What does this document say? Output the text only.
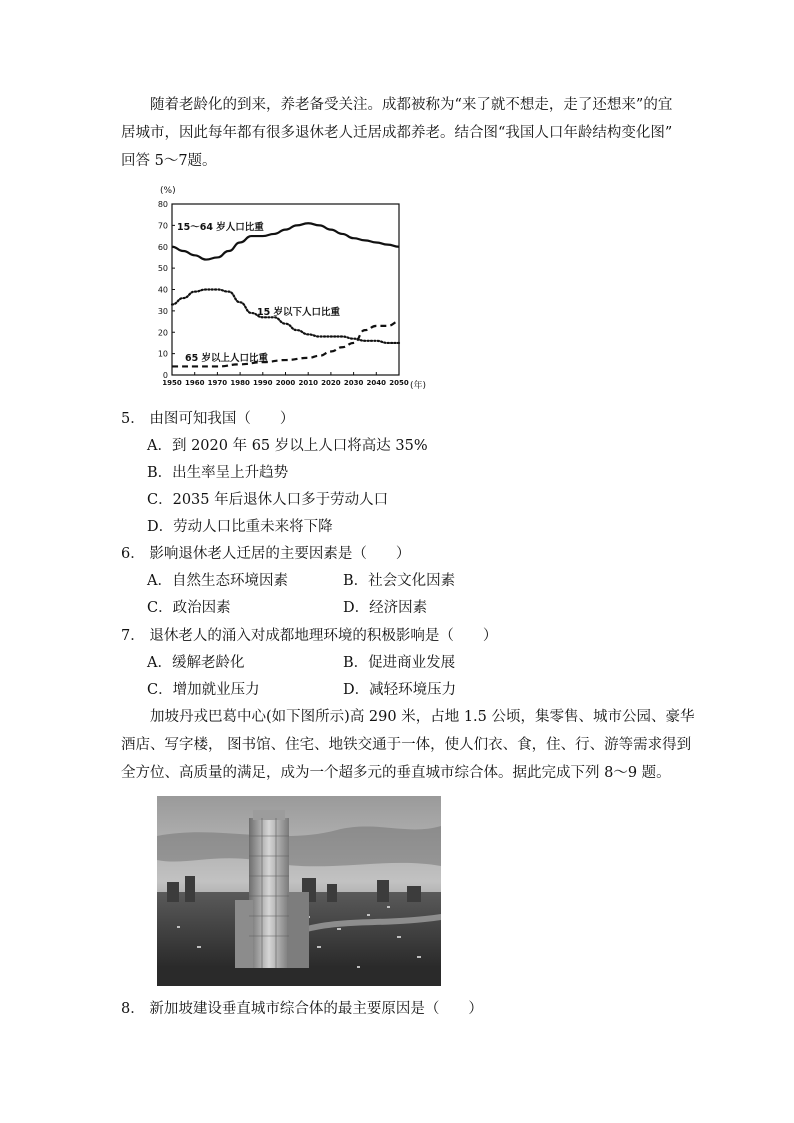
随着老龄化的到来，养老备受关注。成都被称为“来了就不想走，走了还想来”的宜
居城市，因此每年都有很多退休老人迁居成都养老。结合图“我国人口年龄结构变化图”
回答 5～7题。
(%)
(年)
0
10
20
30
40
50
60
70
80
1950 1960 1970 1980 1990 2000 2010 2020 2030 2040 2050
15～64 岁人口比重
15 岁以下人口比重
65 岁以上人口比重
5． 由图可知我国（　　）
A．到 2020 年 65 岁以上人口将高达 35%
B．出生率呈上升趋势
C．2035 年后退休人口多于劳动人口
D．劳动人口比重未来将下降
6． 影响退休老人迁居的主要因素是（　　）
A．自然生态环境因素	B．社会文化因素
C．政治因素	D．经济因素
7． 退休老人的涌入对成都地理环境的积极影响是（　　）
A．缓解老龄化	B．促进商业发展
C．增加就业压力	D．减轻环境压力
加坡丹戎巴葛中心(如下图所示)高 290 米，占地 1.5 公顷，集零售、城市公园、豪华
酒店、写字楼， 图书馆、住宅、地铁交通于一体，使人们衣、食，住、行、游等需求得到
全方位、高质量的满足，成为一个超多元的垂直城市综合体。据此完成下列 8～9 题。
8． 新加坡建设垂直城市综合体的最主要原因是（　　）
